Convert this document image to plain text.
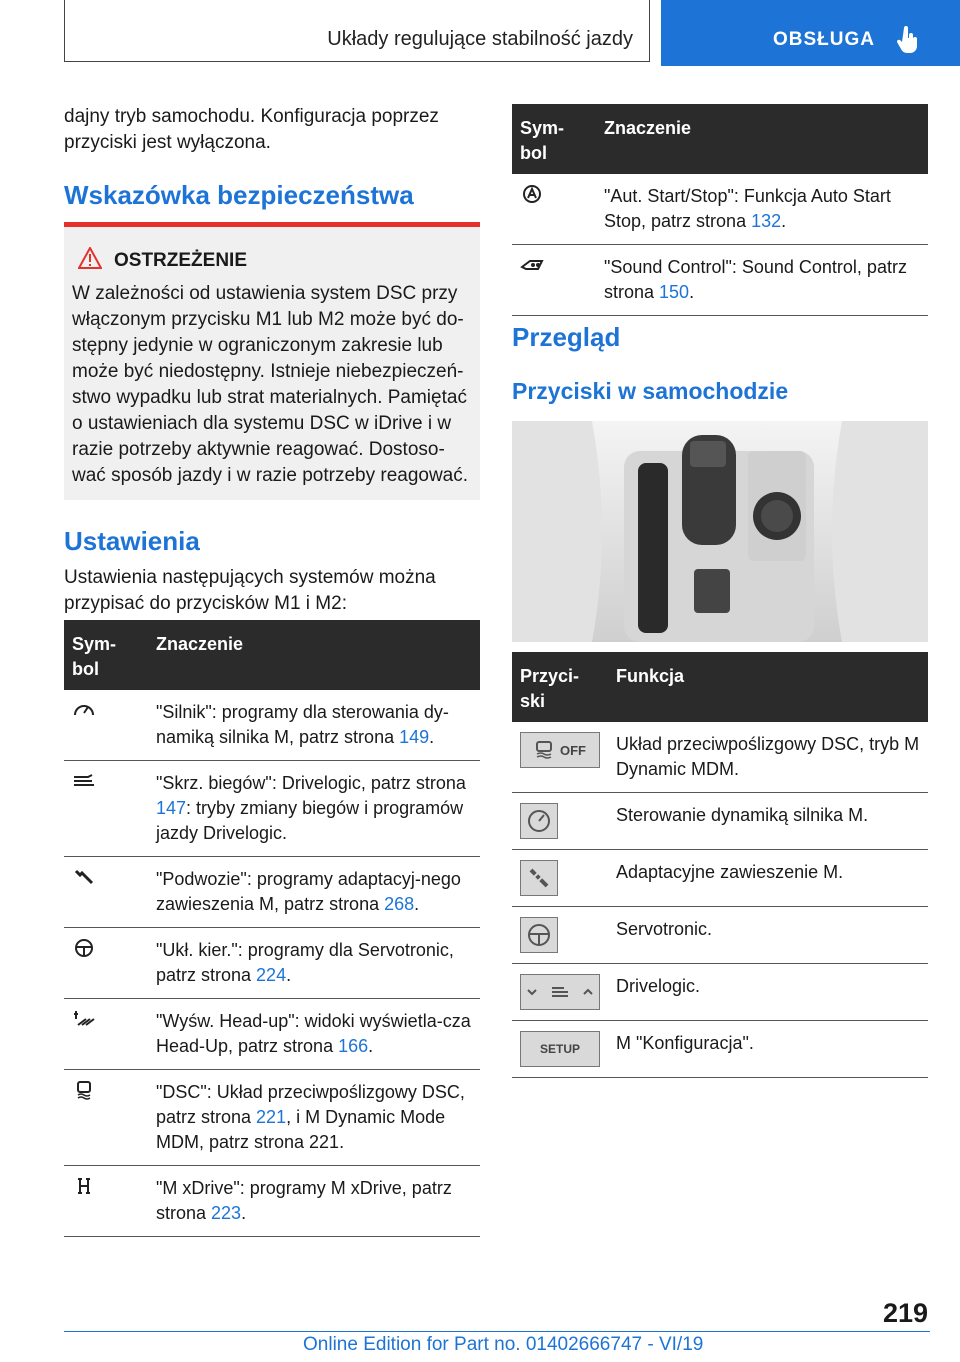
Układy regulujące stabilność jazdy	OBSŁUGA
dajny tryb samochodu. Konfiguracja poprzez przyciski jest wyłączona.
Wskazówka bezpieczeństwa
OSTRZEŻENIE
W zależności od ustawienia system DSC przy włączonym przycisku M1 lub M2 może być do-stępny jedynie w ograniczonym zakresie lub może być niedostępny. Istnieje niebezpieczeń-stwo wypadku lub strat materialnych. Pamiętać o ustawieniach dla systemu DSC w iDrive i w razie potrzeby aktywnie reagować. Dostoso-wać sposób jazdy i w razie potrzeby reagować.
Ustawienia
Ustawienia następujących systemów można przypisać do przycisków M1 i M2:
Sym-bol	Znaczenie

	"Silnik": programy dla sterowania dy-namiką silnika M, patrz strona 149.

	"Skrz. biegów": Drivelogic, patrz strona 147: tryby zmiany biegów i programów jazdy Drivelogic.

	"Podwozie": programy adaptacyj-nego zawieszenia M, patrz strona 268.

	"Ukł. kier.": programy dla Servotronic, patrz strona 224.

	"Wyśw. Head-up": widoki wyświetla-cza Head-Up, patrz strona 166.

	"DSC": Układ przeciwpoślizgowy DSC, patrz strona 221, i M Dynamic Mode MDM, patrz strona 221.

	"M xDrive": programy M xDrive, patrz strona 223.
Sym-bol	Znaczenie

	"Aut. Start/Stop": Funkcja Auto Start Stop, patrz strona 132.

	"Sound Control": Sound Control, patrz strona 150.
Przegląd
Przyciski w samochodzie
Przyci-ski	Funkcja

OFF	Układ przeciwpoślizgowy DSC, tryb M Dynamic MDM.

	Sterowanie dynamiką silnika M.

	Adaptacyjne zawieszenie M.

	Servotronic.

	Drivelogic.

SETUP	M "Konfiguracja".
219
Online Edition for Part no. 01402666747 - VI/19
